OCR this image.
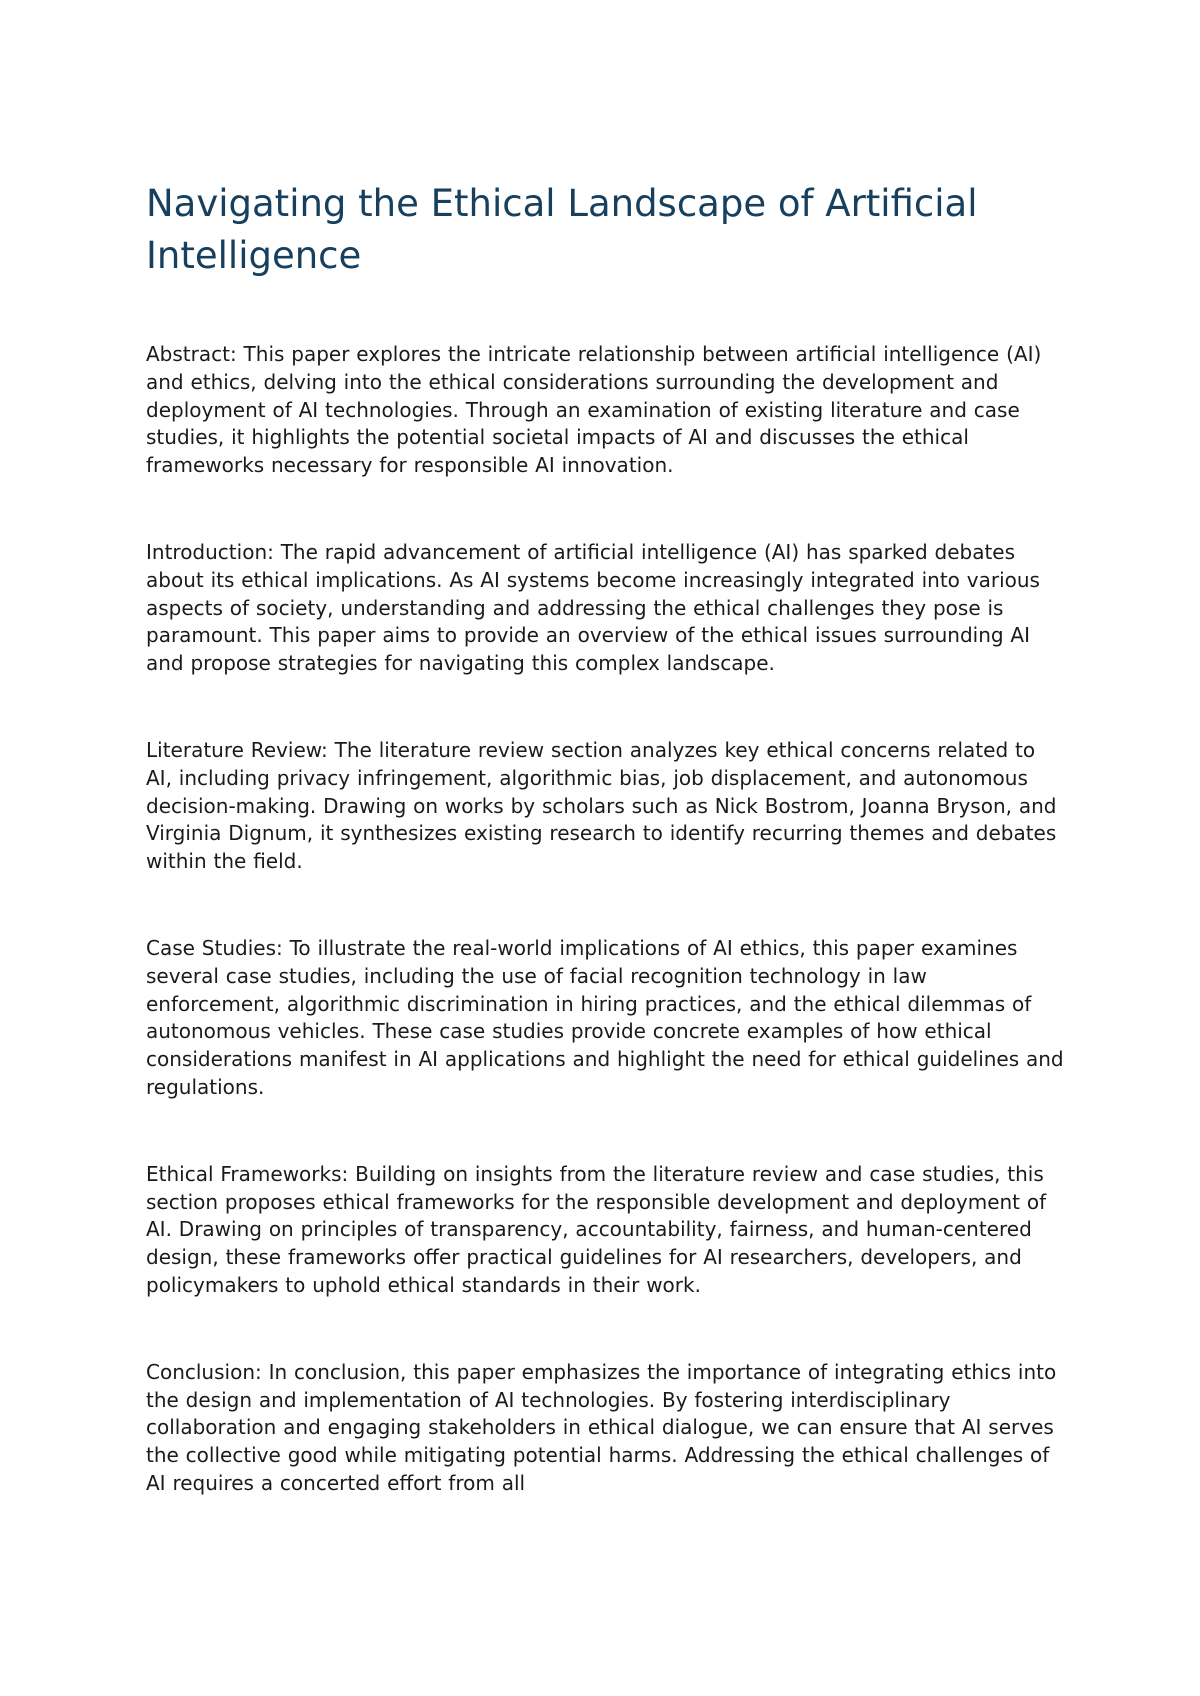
Navigating the Ethical Landscape of Artificial Intelligence

Abstract: This paper explores the intricate relationship between artificial intelligence (AI) and ethics, delving into the ethical considerations surrounding the development and deployment of AI technologies. Through an examination of existing literature and case studies, it highlights the potential societal impacts of AI and discusses the ethical frameworks necessary for responsible AI innovation.

Introduction: The rapid advancement of artificial intelligence (AI) has sparked debates about its ethical implications. As AI systems become increasingly integrated into various aspects of society, understanding and addressing the ethical challenges they pose is paramount. This paper aims to provide an overview of the ethical issues surrounding AI and propose strategies for navigating this complex landscape.

Literature Review: The literature review section analyzes key ethical concerns related to AI, including privacy infringement, algorithmic bias, job displacement, and autonomous decision-making. Drawing on works by scholars such as Nick Bostrom, Joanna Bryson, and Virginia Dignum, it synthesizes existing research to identify recurring themes and debates within the field.

Case Studies: To illustrate the real-world implications of AI ethics, this paper examines several case studies, including the use of facial recognition technology in law enforcement, algorithmic discrimination in hiring practices, and the ethical dilemmas of autonomous vehicles. These case studies provide concrete examples of how ethical considerations manifest in AI applications and highlight the need for ethical guidelines and regulations.

Ethical Frameworks: Building on insights from the literature review and case studies, this section proposes ethical frameworks for the responsible development and deployment of AI. Drawing on principles of transparency, accountability, fairness, and human-centered design, these frameworks offer practical guidelines for AI researchers, developers, and policymakers to uphold ethical standards in their work.

Conclusion: In conclusion, this paper emphasizes the importance of integrating ethics into the design and implementation of AI technologies. By fostering interdisciplinary collaboration and engaging stakeholders in ethical dialogue, we can ensure that AI serves the collective good while mitigating potential harms. Addressing the ethical challenges of AI requires a concerted effort from all
